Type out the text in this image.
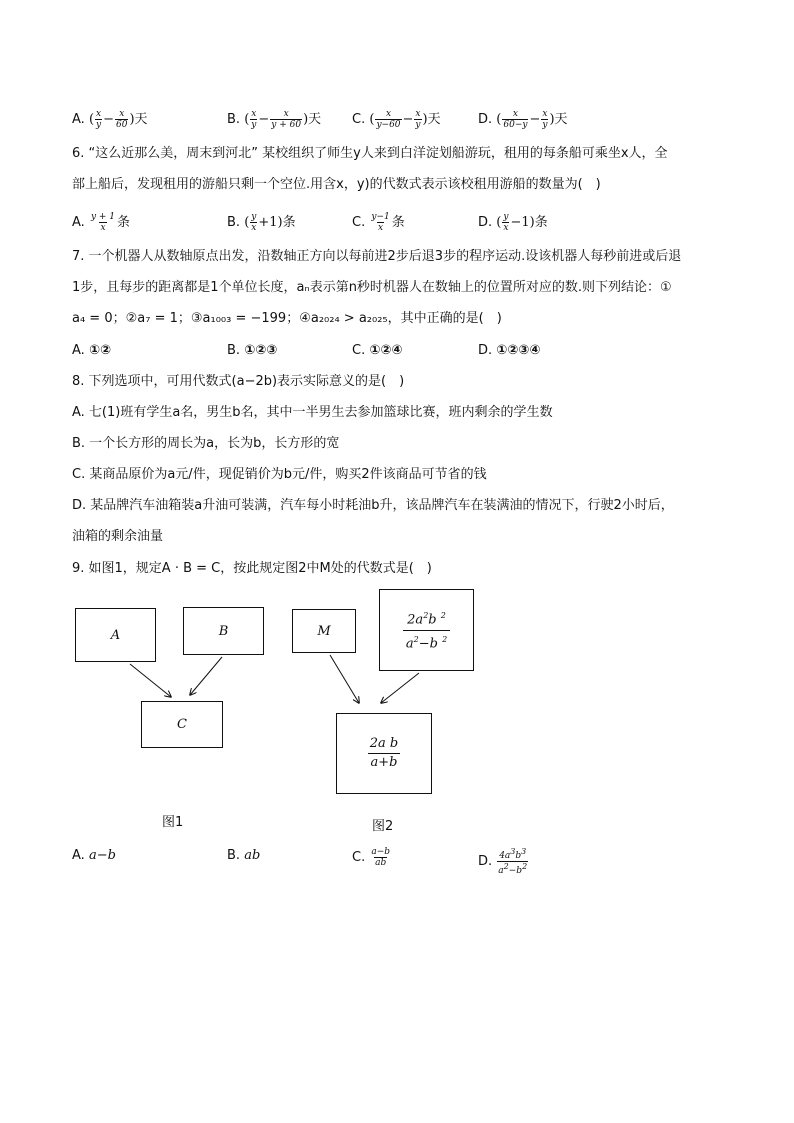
A.
( $\frac{x}{y} - \frac{x}{60}$ ) 天	B.
( $\frac{x}{y} - \frac{x}{y + 60}$ ) 天 C.
( $\frac{x}{y-60} - \frac{x}{y}$ ) 天	D.
( $\frac{x}{60-y} - \frac{x}{y}$ ) 天
6. “这么近那么美，周末到河北” 某校组织了师生y人来到白洋淀划船游玩，租用的每条船可乘坐x人，全
部上船后，发现租用的游船只剩一个空位.用含x，y)的代数式表示该校租用游船的数量为(　)
A.
$\frac{y + 1}{x}$ 条	B.
( $\frac{y}{x} +1$) 条	C.
$\frac{y-1}{x}$ 条	D.
( $\frac{y}{x} -1$) 条
7. 一个机器人从数轴原点出发，沿数轴正方向以每前进2步后退3步的程序运动.设该机器人每秒前进或后退
1步，且每步的距离都是1个单位长度，aₙ表示第n秒时机器人在数轴上的位置所对应的数.则下列结论：①
a₄ = 0；②a₇ = 1；③a₁₀₀₃ = −199；④a₂₀₂₄ > a₂₀₂₅，其中正确的是(　)
A.
①②	B.
①②③	C.
①②④	D.
①②③④
8. 下列选项中，可用代数式(a−2b)表示实际意义的是(　)
A. 七(1)班有学生a名，男生b名，其中一半男生去参加篮球比赛，班内剩余的学生数
B. 一个长方形的周长为a，长为b，长方形的宽
C. 某商品原价为a元/件，现促销价为b元/件，购买2件该商品可节省的钱
D. 某品牌汽车油箱装a升油可装满，汽车每小时耗油b升，该品牌汽车在装满油的情况下，行驶2小时后，
油箱的剩余油量
9. 如图1，规定A · B = C，按此规定图2中M处的代数式是(　)
A	B
C
图1
M	$\frac{2a^2b ^2}{a^2-b ^2}$
$\frac{\text{2a b}}{a+b}$
图2
A.
a−b	B.
ab	C.
$\frac{a-b}{ab}$	D.
$\frac{4a^3b^3}{a^2-b^2}$
